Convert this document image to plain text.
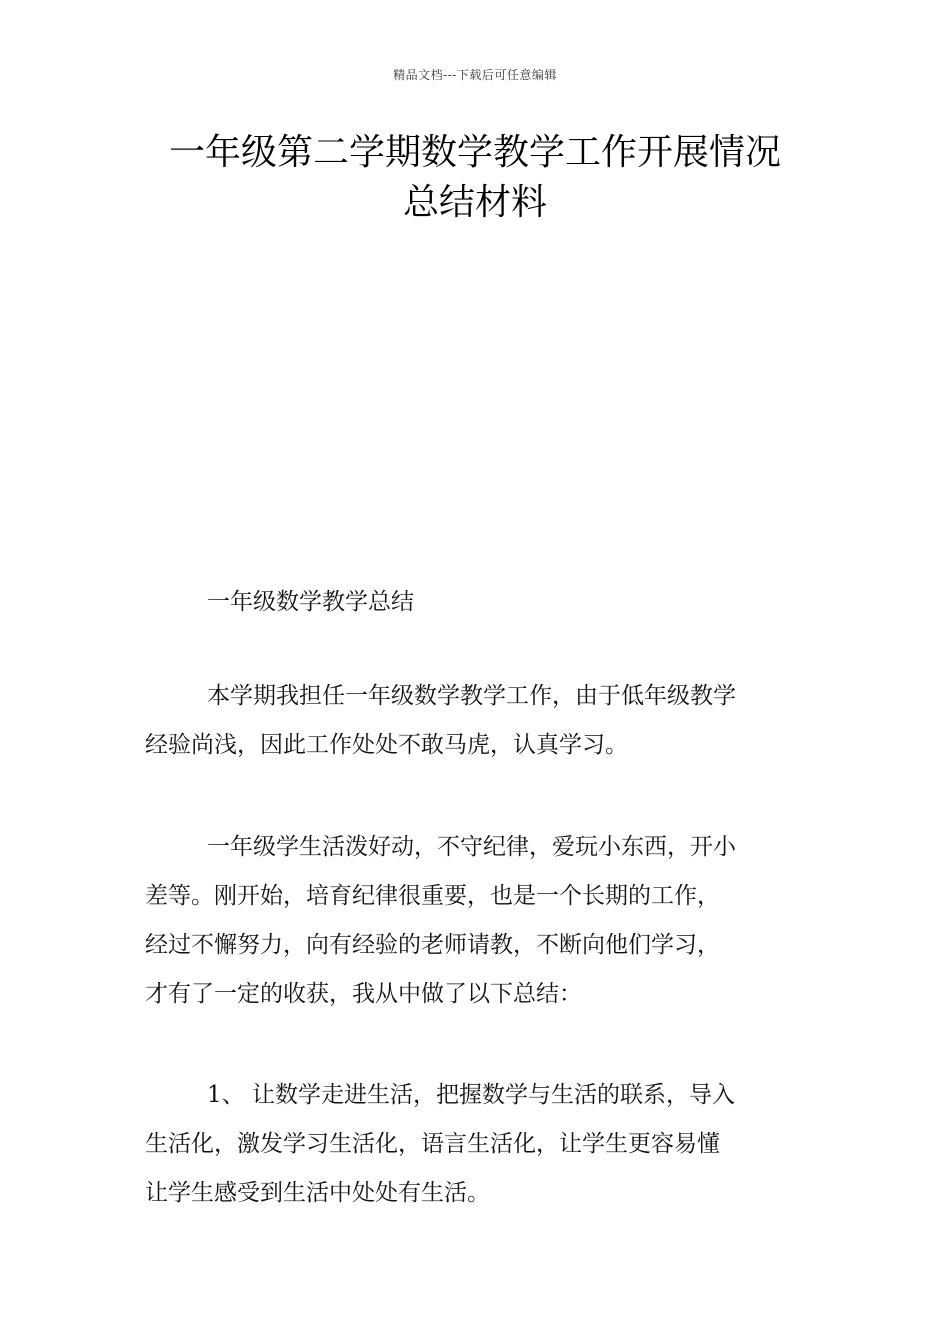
精品文档---下载后可任意编辑
一年级第二学期数学教学工作开展情况
总结材料
一年级数学教学总结
本学期我担任一年级数学教学工作，由于低年级教学
经验尚浅，因此工作处处不敢马虎，认真学习。
一年级学生活泼好动，不守纪律，爱玩小东西，开小
差等。刚开始，培育纪律很重要，也是一个长期的工作，
经过不懈努力，向有经验的老师请教，不断向他们学习，
才有了一定的收获，我从中做了以下总结：
1、 让数学走进生活，把握数学与生活的联系，导入
生活化，激发学习生活化，语言生活化，让学生更容易懂
让学生感受到生活中处处有生活。
